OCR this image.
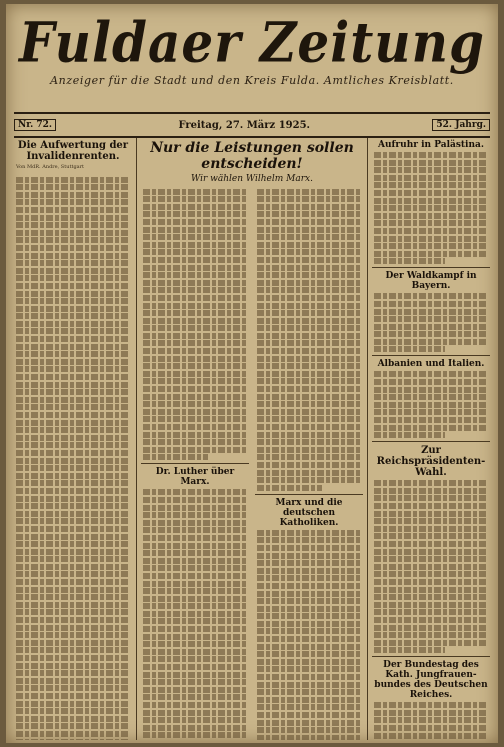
Fuldaer Zeitung
Anzeiger für die Stadt und den Kreis Fulda. Amtliches Kreisblatt.
Nr. 72.	Freitag, 27. März 1925.	52. Jahrg.
Die Aufwertung der Invalidenrenten.
Von MdR. Andre, Stuttgart
Nur die Leistungen sollen entscheiden!
Wir wählen Wilhelm Marx.
Dr. Luther über Marx.
Marx und die deutschen Katholiken.
Aufruhr in Palästina.
Der Waldkampf in Bayern.
Albanien und Italien.
Zur Reichspräsidenten-Wahl.
Der Bundestag des Kath. Jungfrauen-bundes des Deutschen Reiches.
